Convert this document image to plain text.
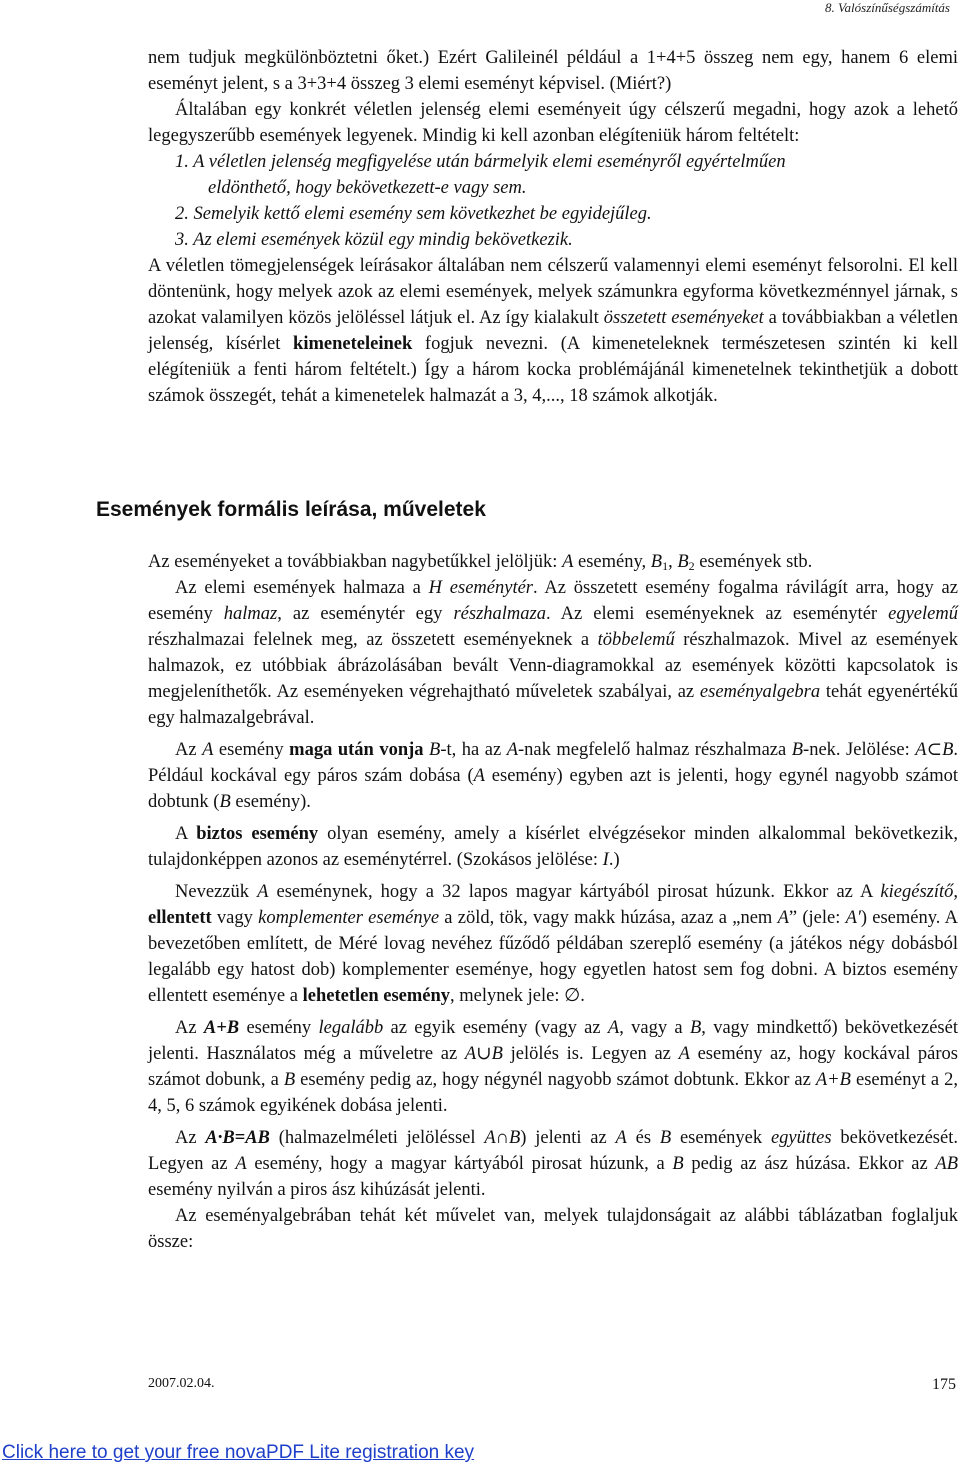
8. Valószínűségszámítás

nem tudjuk megkülönböztetni őket.) Ezért Galileinél például a 1+4+5 összeg nem egy, hanem 6 elemi eseményt jelent, s a 3+3+4 összeg 3 elemi eseményt képvisel. (Miért?)

Általában egy konkrét véletlen jelenség elemi eseményeit úgy célszerű megadni, hogy azok a lehető legegyszerűbb események legyenek. Mindig ki kell azonban elégíteniük három feltételt:

1. A véletlen jelenség megfigyelése után bármelyik elemi eseményről egyértelműen
eldönthető, hogy bekövetkezett-e vagy sem.
2. Semelyik kettő elemi esemény sem következhet be egyidejűleg.
3. Az elemi események közül egy mindig bekövetkezik.

A véletlen tömegjelenségek leírásakor általában nem célszerű valamennyi elemi eseményt felsorolni. El kell döntenünk, hogy melyek azok az elemi események, melyek számunkra egyforma következménnyel járnak, s azokat valamilyen közös jelöléssel látjuk el. Az így kialakult összetett eseményeket a továbbiakban a véletlen jelenség, kísérlet kimeneteleinek fogjuk nevezni. (A kimeneteleknek természetesen szintén ki kell elégíteniük a fenti három feltételt.) Így a három kocka problémájánál kimenetelnek tekinthetjük a dobott számok összegét, tehát a kimenetelek halmazát a 3, 4,..., 18 számok alkotják.

Események formális leírása, műveletek

Az eseményeket a továbbiakban nagybetűkkel jelöljük: A esemény, $B_1$, $B_2$ események stb.

Az elemi események halmaza a H eseménytér. Az összetett esemény fogalma rávilágít arra, hogy az esemény halmaz, az eseménytér egy részhalmaza. Az elemi eseményeknek az eseménytér egyelemű részhalmazai felelnek meg, az összetett eseményeknek a többelemű részhalmazok. Mivel az események halmazok, ez utóbbiak ábrázolásában bevált Venn-diagramokkal az események közötti kapcsolatok is megjeleníthetők. Az eseményeken végrehajtható műveletek szabályai, az eseményalgebra tehát egyenértékű egy halmazalgebrával.

Az A esemény maga után vonja B-t, ha az A-nak megfelelő halmaz részhalmaza B-nek. Jelölése: A⊂B. Például kockával egy páros szám dobása (A esemény) egyben azt is jelenti, hogy egynél nagyobb számot dobtunk (B esemény).

A biztos esemény olyan esemény, amely a kísérlet elvégzésekor minden alkalommal bekövetkezik, tulajdonképpen azonos az eseménytérrel. (Szokásos jelölése: I.)

Nevezzük A eseménynek, hogy a 32 lapos magyar kártyából pirosat húzunk. Ekkor az A kiegészítő, ellentett vagy komplementer eseménye a zöld, tök, vagy makk húzása, azaz a „nem A” (jele: A') esemény. A bevezetőben említett, de Méré lovag nevéhez fűződő példában szereplő esemény (a játékos négy dobásból legalább egy hatost dob) komplementer eseménye, hogy egyetlen hatost sem fog dobni. A biztos esemény ellentett eseménye a lehetetlen esemény, melynek jele: ∅.

Az A+B esemény legalább az egyik esemény (vagy az A, vagy a B, vagy mindkettő) bekövetkezését jelenti. Használatos még a műveletre az A∪B jelölés is. Legyen az A esemény az, hogy kockával páros számot dobunk, a B esemény pedig az, hogy négynél nagyobb számot dobtunk. Ekkor az A+B eseményt a 2, 4, 5, 6 számok egyikének dobása jelenti.

Az A·B=AB (halmazelméleti jelöléssel A∩B) jelenti az A és B események együttes bekövetkezését. Legyen az A esemény, hogy a magyar kártyából pirosat húzunk, a B pedig az ász húzása. Ekkor az AB esemény nyilván a piros ász kihúzását jelenti.

Az eseményalgebrában tehát két művelet van, melyek tulajdonságait az alábbi táblázatban foglaljuk össze:

2007.02.04.	175
Click here to get your free novaPDF Lite registration key
